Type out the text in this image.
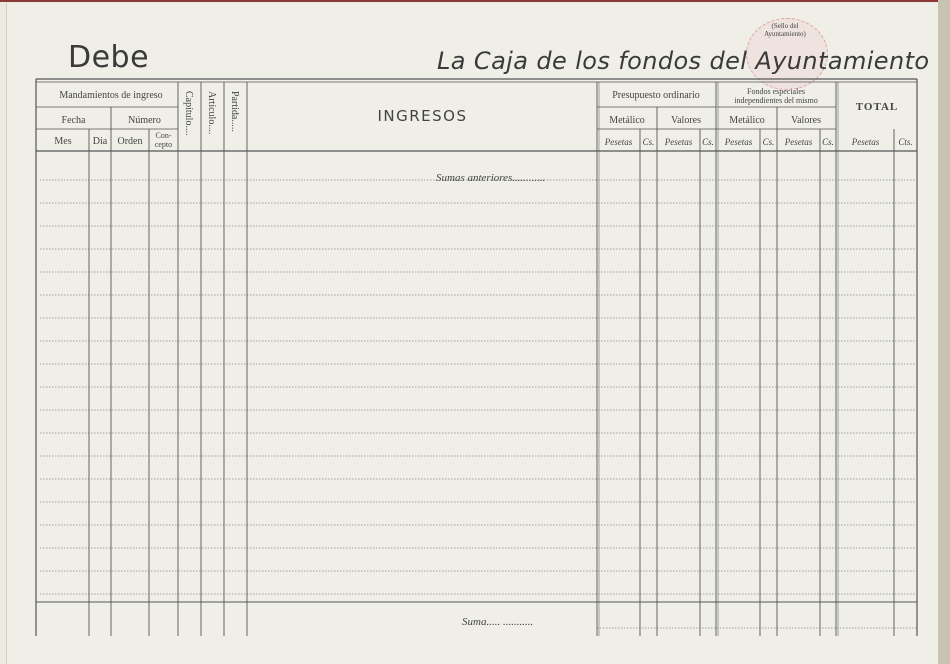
(Sello del
Ayuntamiento)
Debe	La Caja de los fondos del Ayuntamiento
Mandamientos de ingreso
Fecha	Número
Mes	Dia	Orden
Con-
cepto
Capítulo.... Artículo.... Partida.....	INGRESOS
Presupuesto ordinario	Fondos especiales
independientes del mismo
TOTAL
Metálico	Valores	Metálico	Valores
Pesetas	Cs.	Pesetas	Cs.	Pesetas	Cs.	Pesetas	Cs.	Pesetas	Cts.
Sumas anteriores............
Suma..... ...........
